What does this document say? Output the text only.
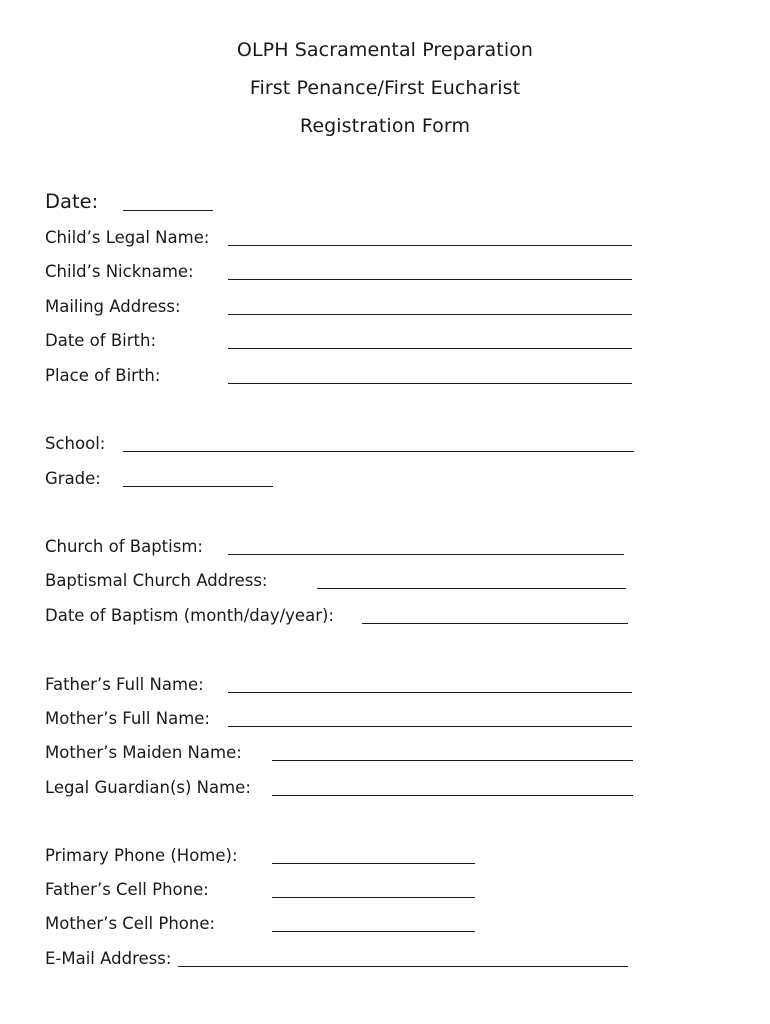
OLPH Sacramental Preparation
First Penance/First Eucharist
Registration Form
Date:
Child’s Legal Name:
Child’s Nickname:
Mailing Address:
Date of Birth:
Place of Birth:
School:
Grade:
Church of Baptism:
Baptismal Church Address:
Date of Baptism (month/day/year):
Father’s Full Name:
Mother’s Full Name:
Mother’s Maiden Name:
Legal Guardian(s) Name:
Primary Phone (Home):
Father’s Cell Phone:
Mother’s Cell Phone:
E-Mail Address:
